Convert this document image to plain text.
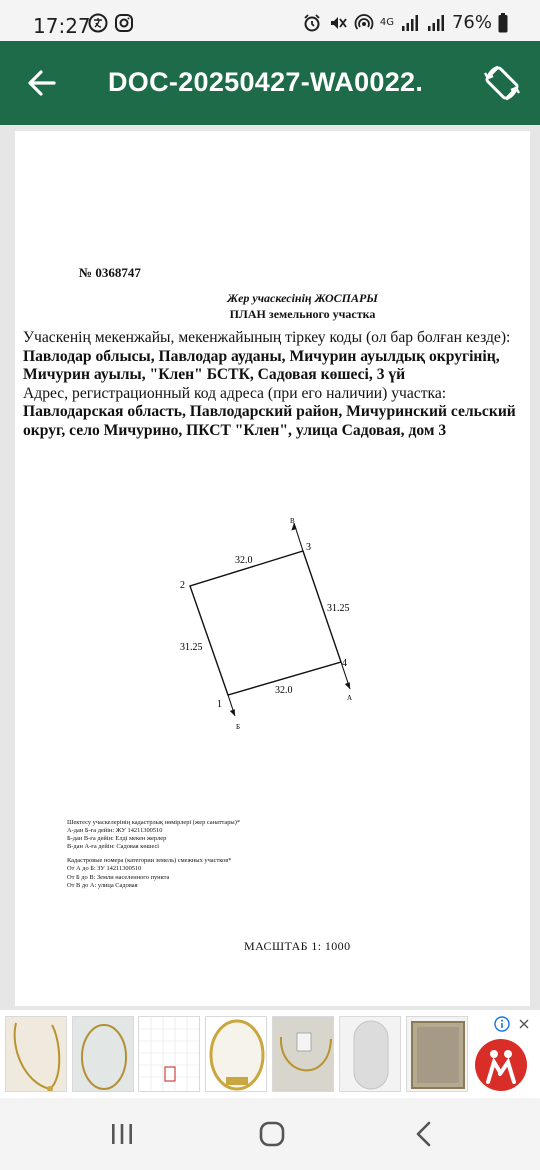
17:27	4G	76%
DOC-20250427-WA0022.
№ 0368747
Жер учаскесінің ЖОСПАРЫ
ПЛАН земельного участка
Учаскенің мекенжайы, мекенжайының тіркеу коды (ол бар болған кезде):
Павлодар облысы, Павлодар ауданы, Мичурин ауылдық округінің, Мичурин ауылы, "Клен" БСТК, Садовая көшесі, 3 үй
Адрес, регистрационный код адреса (при его наличии) участка:
Павлодарская область, Павлодарский район, Мичуринский сельский округ, село Мичурино, ПКСТ "Клен", улица Садовая, дом 3
32.0
31.25
31.25
32.0
1
2
3
4
В
А
Б
Шектесу учаскелерінің кадастрлық нөмірлері (жер санаттары)*
А-дан Б-ға дейін: ЖУ 14211300510
Б-дан В-ға дейін: Елді мекен жерлер
В-дан А-ға дейін: Садовая көшесі
Кадастровые номера (категории земель) смежных участков*
От А до Б: ЗУ 14211300510
От Б до В: Земли населенного пункта
От В до А: улица Садовая
МАСШТАБ 1: 1000
